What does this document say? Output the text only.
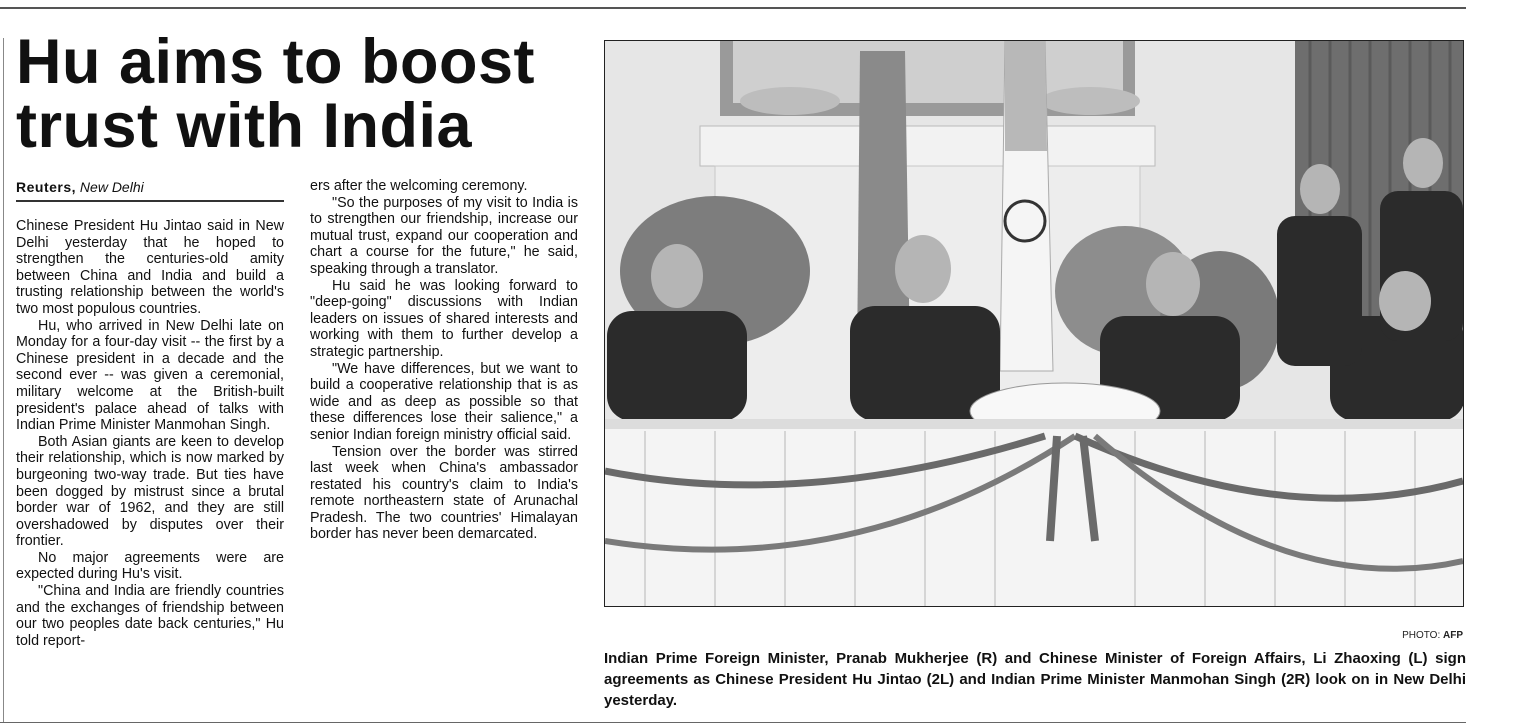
Hu aims to boost trust with India
Reuters, New Delhi

Chinese President Hu Jintao said in New Delhi yesterday that he hoped to strengthen the centuries-old amity between China and India and build a trusting relationship between the world's two most populous countries.

Hu, who arrived in New Delhi late on Monday for a four-day visit -- the first by a Chinese president in a decade and the second ever -- was given a ceremonial, military welcome at the British-built president's palace ahead of talks with Indian Prime Minister Manmohan Singh.

Both Asian giants are keen to develop their relationship, which is now marked by burgeoning two-way trade. But ties have been dogged by mistrust since a brutal border war of 1962, and they are still overshadowed by disputes over their frontier.

No major agreements were are expected during Hu's visit.

"China and India are friendly countries and the exchanges of friendship between our two peoples date back centuries," Hu told report-

ers after the welcoming ceremony.

"So the purposes of my visit to India is to strengthen our friendship, increase our mutual trust, expand our cooperation and chart a course for the future," he said, speaking through a translator.

Hu said he was looking forward to "deep-going" discussions with Indian leaders on issues of shared interests and working with them to further develop a strategic partnership.

"We have differences, but we want to build a cooperative relationship that is as wide and as deep as possible so that these differences lose their salience," a senior Indian foreign ministry official said.

Tension over the border was stirred last week when China's ambassador restated his country's claim to India's remote northeastern state of Arunachal Pradesh. The two countries' Himalayan border has never been demarcated.

PHOTO: AFP
Indian Prime Foreign Minister, Pranab Mukherjee (R) and Chinese Minister of Foreign Affairs, Li Zhaoxing (L) sign agreements as Chinese President Hu Jintao (2L) and Indian Prime Minister Manmohan Singh (2R) look on in New Delhi yesterday.
